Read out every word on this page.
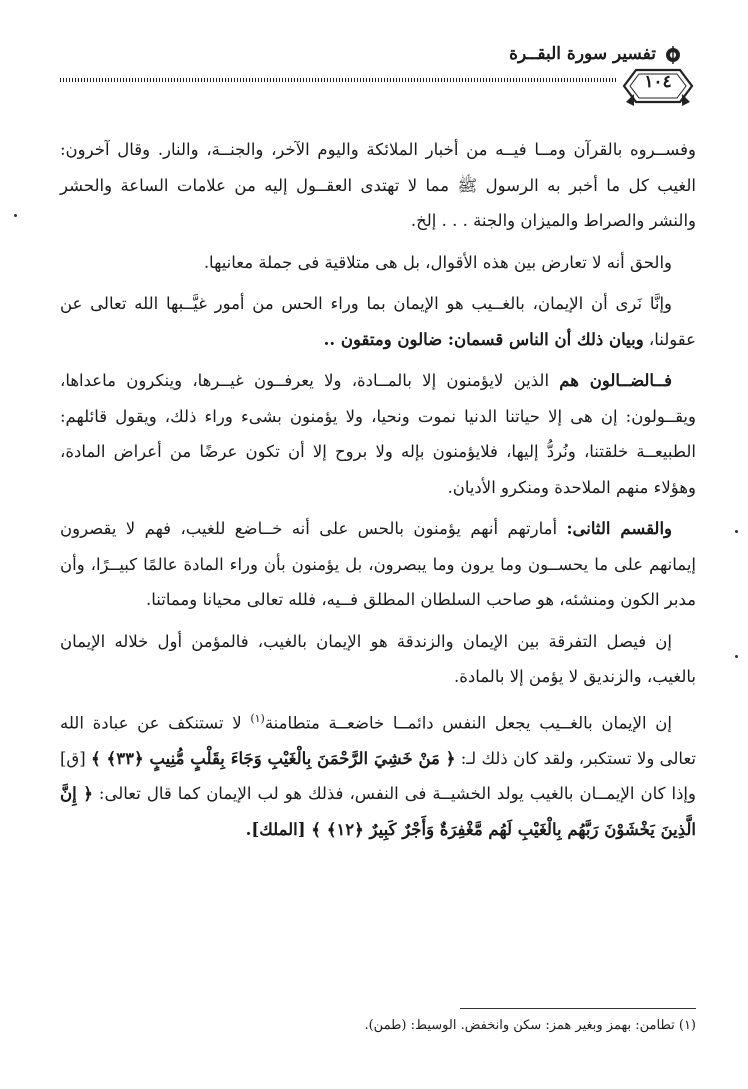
تفسير سورة البقــرة
١٠٤

وفســروه بالقرآن ومــا فيــه من أخبار الملائكة واليوم الآخر، والجنــة، والنار. وقال آخرون: الغيب كل ما أخبر به الرسول ﷺ مما لا تهتدى العقــول إليه من علامات الساعة والحشر والنشر والصراط والميزان والجنة . . . إلخ.

والحق أنه لا تعارض بين هذه الأقوال، بل هى متلاقية فى جملة معانيها.

وإنَّا نَرى أن الإيمان، بالغــيب هو الإيمان بما وراء الحس من أمور غيَّــبها الله تعالى عن عقولنا، وبيان ذلك أن الناس قسمان: ضالون ومتقون ..

فــالضــالون هم الذين لايؤمنون إلا بالمــادة، ولا يعرفــون غيــرها، وينكرون ماعداها، ويقــولون: إن هى إلا حياتنا الدنيا نموت ونحيا، ولا يؤمنون بشىء وراء ذلك، ويقول قائلهم: الطبيعــة خلقتنا، ونُردُّ إليها، فلايؤمنون بإله ولا بروح إلا أن تكون عرضًا من أعراض المادة، وهؤلاء منهم الملاحدة ومنكرو الأديان.

والقسم الثانى: أمارتهم أنهم يؤمنون بالحس على أنه خــاضع للغيب، فهم لا يقصرون إيمانهم على ما يحســون وما يرون وما يبصرون، بل يؤمنون بأن وراء المادة عالمًا كبيــرًا، وأن مدبر الكون ومنشئه، هو صاحب السلطان المطلق فــيه، فلله تعالى محيانا ومماتنا.

إن فيصل التفرقة بين الإيمان والزندقة هو الإيمان بالغيب، فالمؤمن أول خلاله الإيمان بالغيب، والزنديق لا يؤمن إلا بالمادة.

إن الإيمان بالغــيب يجعل النفس دائمــا خاضعــة متطامنة$^{(١)}$ لا تستنكف عن عبادة الله تعالى ولا تستكبر، ولقد كان ذلك لـ: ﴿ مَنْ خَشِيَ الرَّحْمَنَ بِالْغَيْبِ وَجَاءَ بِقَلْبٍ مُّنِيبٍ ﴿٣٣﴾ ﴾ [ق] وإذا كان الإيمــان بالغيب يولد الخشيــة فى النفس، فذلك هو لب الإيمان كما قال تعالى: ﴿ إِنَّ الَّذِينَ يَخْشَوْنَ رَبَّهُم بِالْغَيْبِ لَهُم مَّغْفِرَةٌ وَأَجْرٌ كَبِيرٌ ﴿١٢﴾ ﴾ [الملك].

(١) تطامن: بهمز وبغير همز: سكن وانخفض. الوسيط: (طمن).
